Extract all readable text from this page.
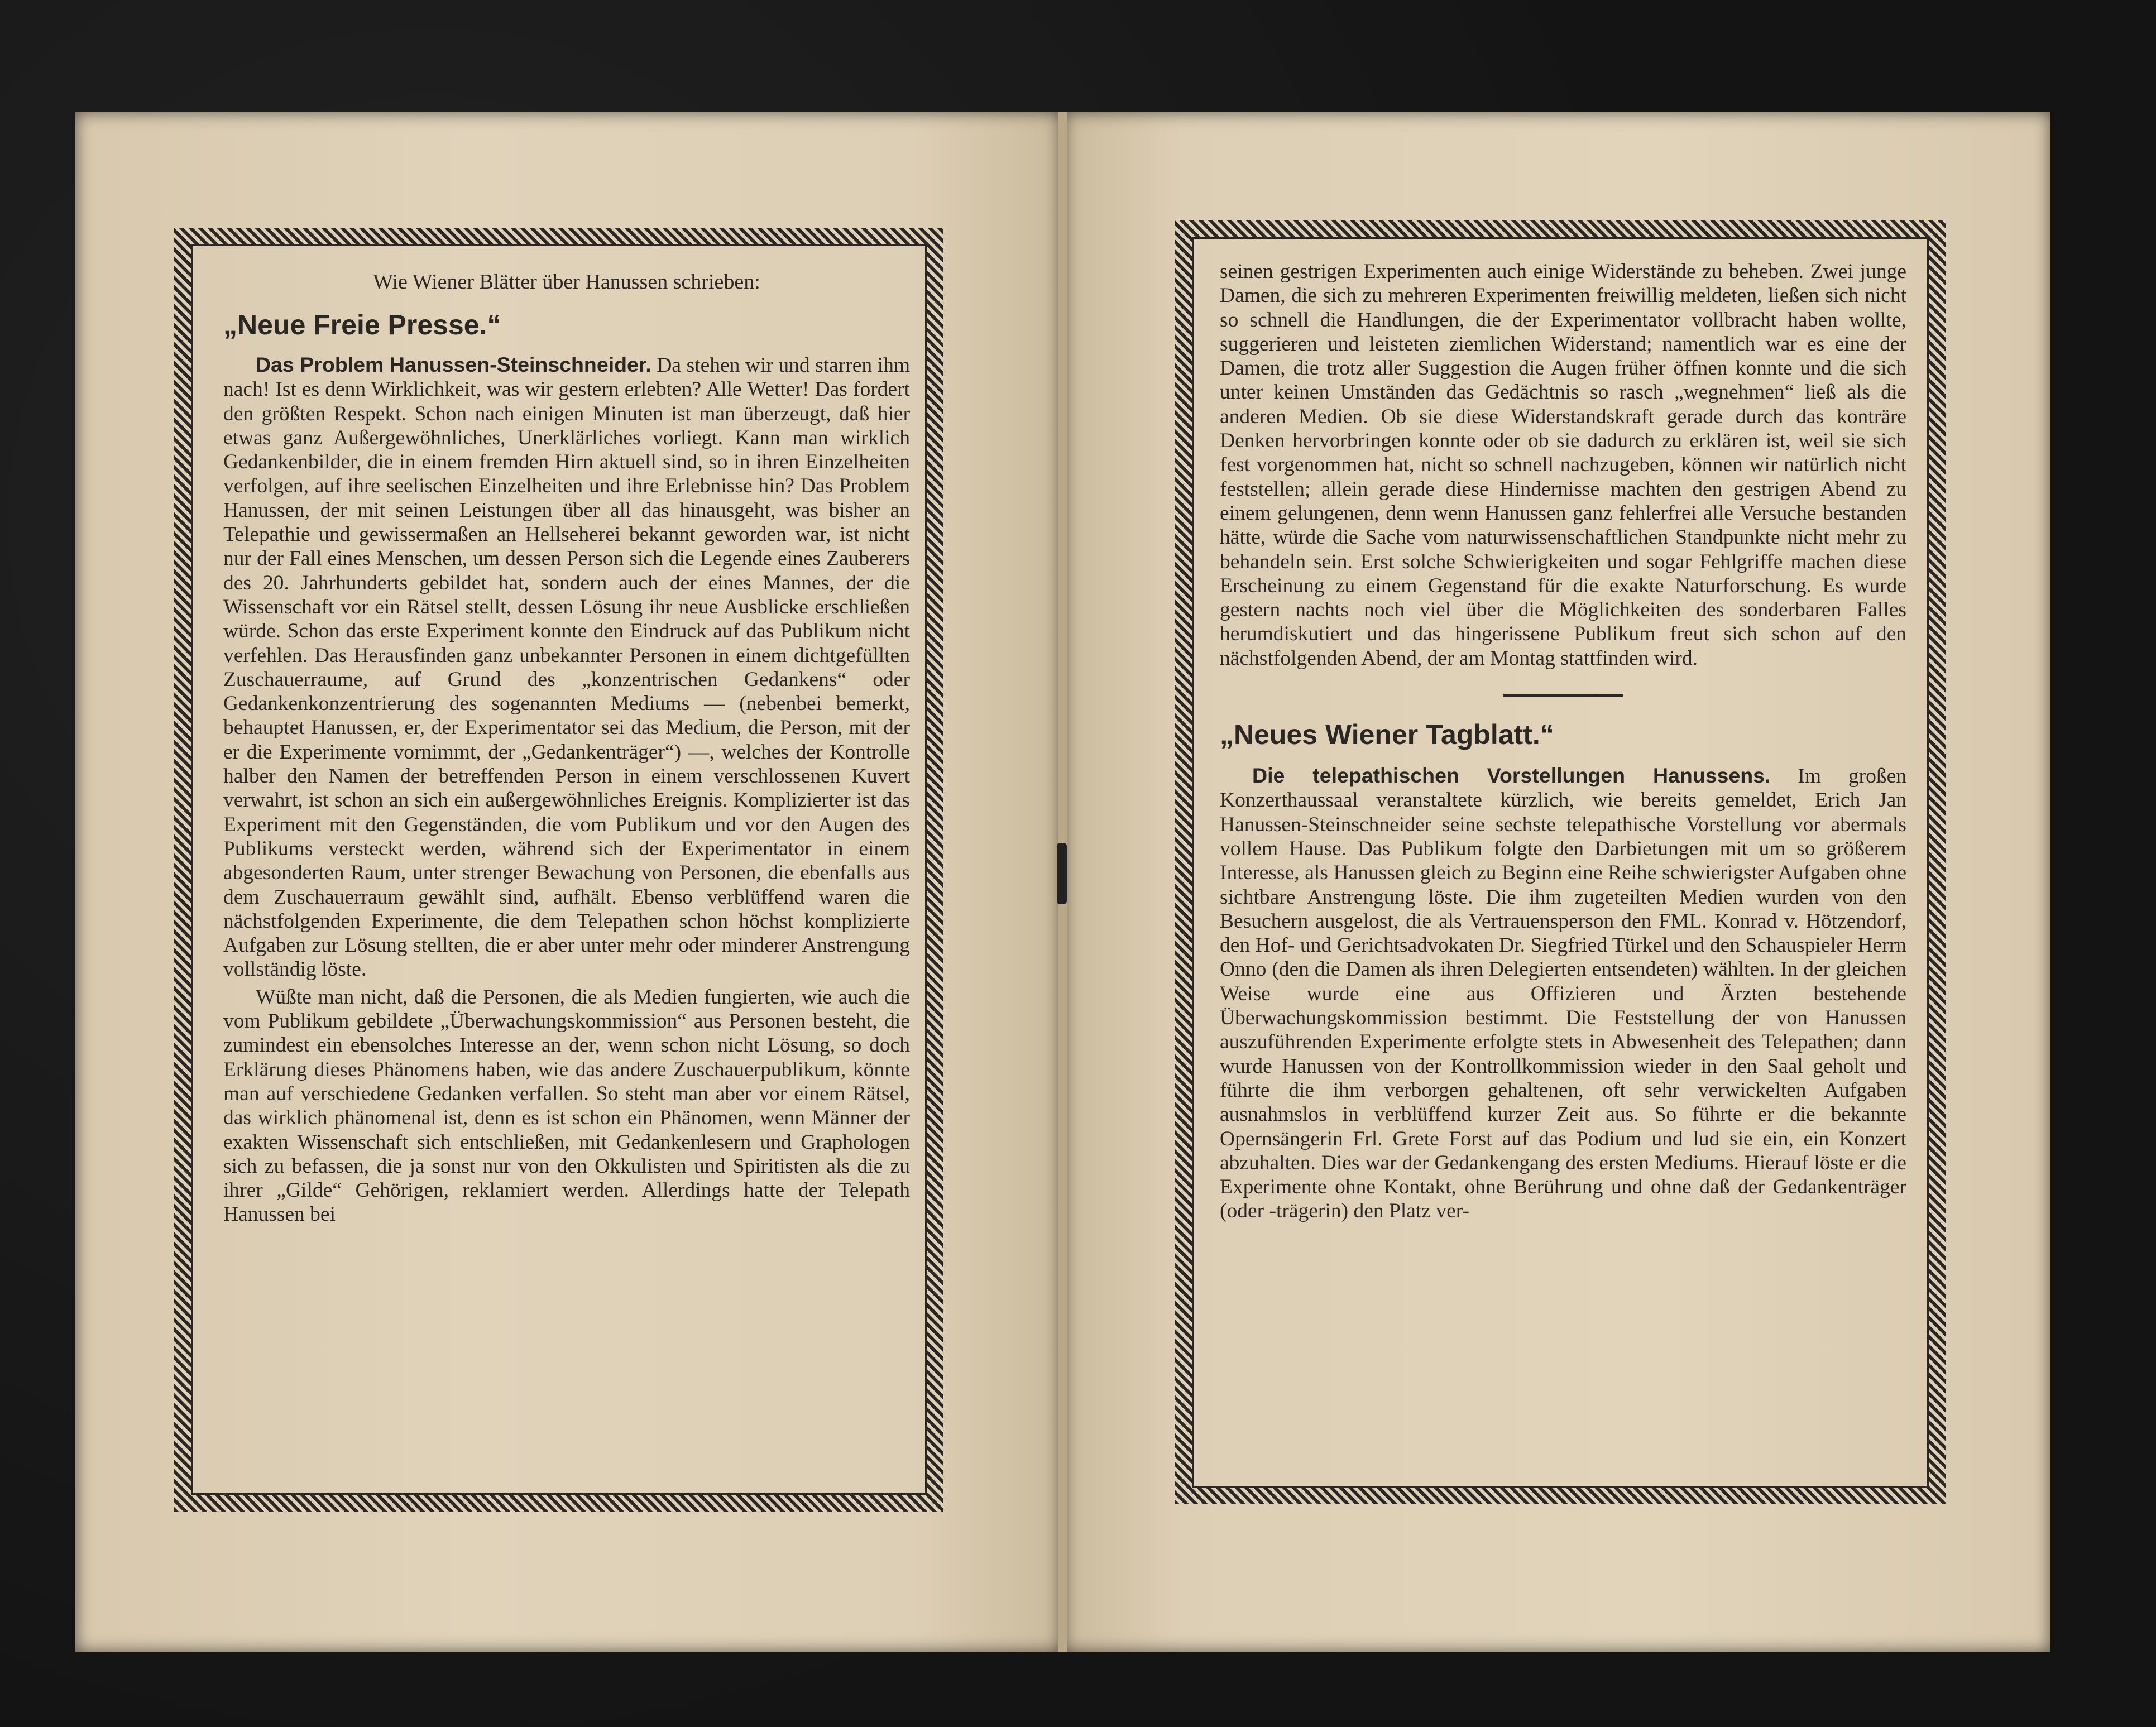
Wie Wiener Blätter über Hanussen schrieben:
„Neue Freie Presse.“

Das Problem Hanussen-Steinschneider. Da stehen wir und starren ihm nach! Ist es denn Wirklichkeit, was wir gestern erlebten? Alle Wetter! Das fordert den größten Respekt. Schon nach einigen Minuten ist man überzeugt, daß hier etwas ganz Außergewöhnliches, Unerklärliches vorliegt. Kann man wirklich Gedankenbilder, die in einem fremden Hirn aktuell sind, so in ihren Einzelheiten verfolgen, auf ihre seelischen Einzelheiten und ihre Erlebnisse hin? Das Problem Hanussen, der mit seinen Leistungen über all das hinausgeht, was bisher an Telepathie und gewissermaßen an Hellseherei bekannt geworden war, ist nicht nur der Fall eines Menschen, um dessen Person sich die Legende eines Zauberers des 20. Jahrhunderts gebildet hat, sondern auch der eines Mannes, der die Wissenschaft vor ein Rätsel stellt, dessen Lösung ihr neue Ausblicke erschließen würde. Schon das erste Experiment konnte den Eindruck auf das Publikum nicht verfehlen. Das Herausfinden ganz unbekannter Personen in einem dichtgefüllten Zuschauerraume, auf Grund des „konzentrischen Gedankens“ oder Gedankenkonzentrierung des sogenannten Mediums — (nebenbei bemerkt, behauptet Hanussen, er, der Experimentator sei das Medium, die Person, mit der er die Experimente vornimmt, der „Gedankenträger“) —, welches der Kontrolle halber den Namen der betreffenden Person in einem verschlossenen Kuvert verwahrt, ist schon an sich ein außergewöhnliches Ereignis. Komplizierter ist das Experiment mit den Gegenständen, die vom Publikum und vor den Augen des Publikums versteckt werden, während sich der Experimentator in einem abgesonderten Raum, unter strenger Bewachung von Personen, die ebenfalls aus dem Zuschauerraum gewählt sind, aufhält. Ebenso verblüffend waren die nächstfolgenden Experimente, die dem Telepathen schon höchst komplizierte Aufgaben zur Lösung stellten, die er aber unter mehr oder minderer Anstrengung vollständig löste.

Wüßte man nicht, daß die Personen, die als Medien fungierten, wie auch die vom Publikum gebildete „Überwachungskommission“ aus Personen besteht, die zumindest ein ebensolches Interesse an der, wenn schon nicht Lösung, so doch Erklärung dieses Phänomens haben, wie das andere Zuschauerpublikum, könnte man auf verschiedene Gedanken verfallen. So steht man aber vor einem Rätsel, das wirklich phänomenal ist, denn es ist schon ein Phänomen, wenn Männer der exakten Wissenschaft sich entschließen, mit Gedankenlesern und Graphologen sich zu befassen, die ja sonst nur von den Okkulisten und Spiritisten als die zu ihrer „Gilde“ Gehörigen, reklamiert werden. Allerdings hatte der Telepath Hanussen bei

seinen gestrigen Experimenten auch einige Widerstände zu beheben. Zwei junge Damen, die sich zu mehreren Experimenten freiwillig meldeten, ließen sich nicht so schnell die Handlungen, die der Experimentator vollbracht haben wollte, suggerieren und leisteten ziemlichen Widerstand; namentlich war es eine der Damen, die trotz aller Suggestion die Augen früher öffnen konnte und die sich unter keinen Umständen das Gedächtnis so rasch „wegnehmen“ ließ als die anderen Medien. Ob sie diese Widerstandskraft gerade durch das konträre Denken hervorbringen konnte oder ob sie dadurch zu erklären ist, weil sie sich fest vorgenommen hat, nicht so schnell nachzugeben, können wir natürlich nicht feststellen; allein gerade diese Hindernisse machten den gestrigen Abend zu einem gelungenen, denn wenn Hanussen ganz fehlerfrei alle Versuche bestanden hätte, würde die Sache vom naturwissenschaftlichen Standpunkte nicht mehr zu behandeln sein. Erst solche Schwierigkeiten und sogar Fehlgriffe machen diese Erscheinung zu einem Gegenstand für die exakte Naturforschung. Es wurde gestern nachts noch viel über die Möglichkeiten des sonderbaren Falles herumdiskutiert und das hingerissene Publikum freut sich schon auf den nächstfolgenden Abend, der am Montag stattfinden wird.

„Neues Wiener Tagblatt.“

Die telepathischen Vorstellungen Hanussens. Im großen Konzerthaussaal veranstaltete kürzlich, wie bereits gemeldet, Erich Jan Hanussen-Steinschneider seine sechste telepathische Vorstellung vor abermals vollem Hause. Das Publikum folgte den Darbietungen mit um so größerem Interesse, als Hanussen gleich zu Beginn eine Reihe schwierigster Aufgaben ohne sichtbare Anstrengung löste. Die ihm zugeteilten Medien wurden von den Besuchern ausgelost, die als Vertrauensperson den FML. Konrad v. Hötzendorf, den Hof- und Gerichtsadvokaten Dr. Siegfried Türkel und den Schauspieler Herrn Onno (den die Damen als ihren Delegierten entsendeten) wählten. In der gleichen Weise wurde eine aus Offizieren und Ärzten bestehende Überwachungskommission bestimmt. Die Feststellung der von Hanussen auszuführenden Experimente erfolgte stets in Abwesenheit des Telepathen; dann wurde Hanussen von der Kontrollkommission wieder in den Saal geholt und führte die ihm verborgen gehaltenen, oft sehr verwickelten Aufgaben ausnahmslos in verblüffend kurzer Zeit aus. So führte er die bekannte Opernsängerin Frl. Grete Forst auf das Podium und lud sie ein, ein Konzert abzuhalten. Dies war der Gedankengang des ersten Mediums. Hierauf löste er die Experimente ohne Kontakt, ohne Berührung und ohne daß der Gedankenträger (oder -trägerin) den Platz ver-
